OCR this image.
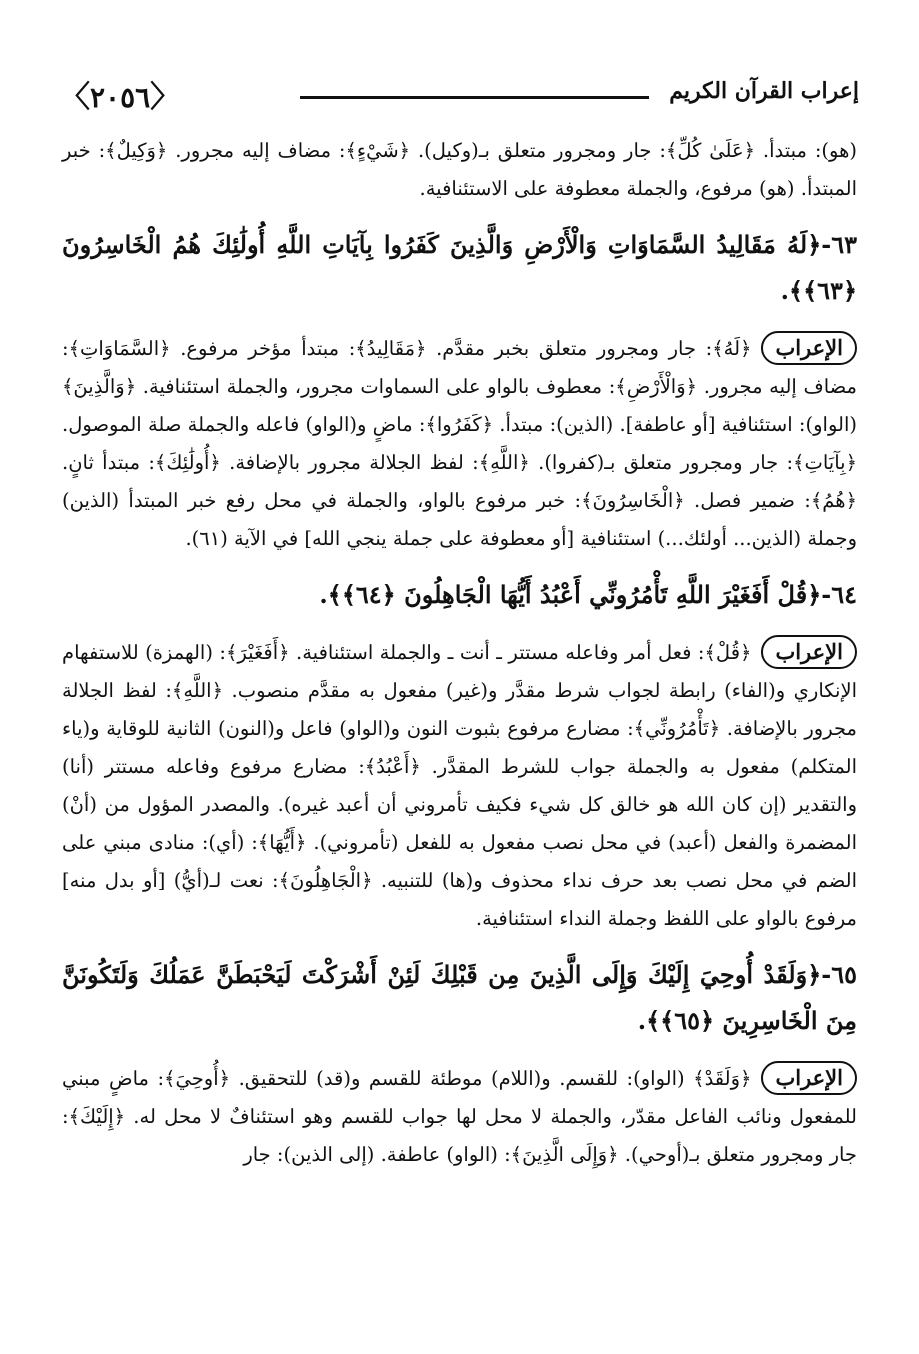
〈٢٠٥٦〉	إعراب القرآن الكريم

(هو): مبتدأ. ﴿عَلَىٰ كُلِّ﴾: جار ومجرور متعلق بـ(وكيل). ﴿شَيْءٍ﴾: مضاف إليه مجرور. ﴿وَكِيلٌ﴾: خبر المبتدأ. (هو) مرفوع، والجملة معطوفة على الاستئنافية.

٦٣-﴿لَهُ مَقَالِيدُ السَّمَاوَاتِ وَالْأَرْضِ وَالَّذِينَ كَفَرُوا بِآيَاتِ اللَّهِ أُولَٰئِكَ هُمُ الْخَاسِرُونَ ﴿٦٣﴾﴾.

الإعراب﴿لَهُ﴾: جار ومجرور متعلق بخبر مقدَّم. ﴿مَقَالِيدُ﴾: مبتدأ مؤخر مرفوع. ﴿السَّمَاوَاتِ﴾: مضاف إليه مجرور. ﴿وَالْأَرْضِ﴾: معطوف بالواو على السماوات مجرور، والجملة استئنافية. ﴿وَالَّذِينَ﴾ (الواو): استئنافية [أو عاطفة]. (الذين): مبتدأ. ﴿كَفَرُوا﴾: ماضٍ و(الواو) فاعله والجملة صلة الموصول. ﴿بِآيَاتِ﴾: جار ومجرور متعلق بـ(كفروا). ﴿اللَّهِ﴾: لفظ الجلالة مجرور بالإضافة. ﴿أُولَٰئِكَ﴾: مبتدأ ثانٍ. ﴿هُمُ﴾: ضمير فصل. ﴿الْخَاسِرُونَ﴾: خبر مرفوع بالواو، والجملة في محل رفع خبر المبتدأ (الذين) وجملة (الذين... أولئك...) استئنافية [أو معطوفة على جملة ينجي الله] في الآية (٦١).

٦٤-﴿قُلْ أَفَغَيْرَ اللَّهِ تَأْمُرُونِّي أَعْبُدُ أَيُّهَا الْجَاهِلُونَ ﴿٦٤﴾﴾.

الإعراب﴿قُلْ﴾: فعل أمر وفاعله مستتر ـ أنت ـ والجملة استئنافية. ﴿أَفَغَيْرَ﴾: (الهمزة) للاستفهام الإنكاري و(الفاء) رابطة لجواب شرط مقدَّر و(غير) مفعول به مقدَّم منصوب. ﴿اللَّهِ﴾: لفظ الجلالة مجرور بالإضافة. ﴿تَأْمُرُونِّي﴾: مضارع مرفوع بثبوت النون و(الواو) فاعل و(النون) الثانية للوقاية و(ياء المتكلم) مفعول به والجملة جواب للشرط المقدَّر. ﴿أَعْبُدُ﴾: مضارع مرفوع وفاعله مستتر (أنا) والتقدير (إن كان الله هو خالق كل شيء فكيف تأمروني أن أعبد غيره). والمصدر المؤول من (أنْ) المضمرة والفعل (أعبد) في محل نصب مفعول به للفعل (تأمروني). ﴿أَيُّهَا﴾: (أي): منادى مبني على الضم في محل نصب بعد حرف نداء محذوف و(ها) للتنبيه. ﴿الْجَاهِلُونَ﴾: نعت لـ(أيُّ) [أو بدل منه] مرفوع بالواو على اللفظ وجملة النداء استئنافية.

٦٥-﴿وَلَقَدْ أُوحِيَ إِلَيْكَ وَإِلَى الَّذِينَ مِن قَبْلِكَ لَئِنْ أَشْرَكْتَ لَيَحْبَطَنَّ عَمَلُكَ وَلَتَكُونَنَّ مِنَ الْخَاسِرِينَ ﴿٦٥﴾﴾.

الإعراب﴿وَلَقَدْ﴾ (الواو): للقسم. و(اللام) موطئة للقسم و(قد) للتحقيق. ﴿أُوحِيَ﴾: ماضٍ مبني للمفعول ونائب الفاعل مقدّر، والجملة لا محل لها جواب للقسم وهو استئنافٌ لا محل له. ﴿إِلَيْكَ﴾: جار ومجرور متعلق بـ(أوحي). ﴿وَإِلَى الَّذِينَ﴾: (الواو) عاطفة. (إلى الذين): جار
